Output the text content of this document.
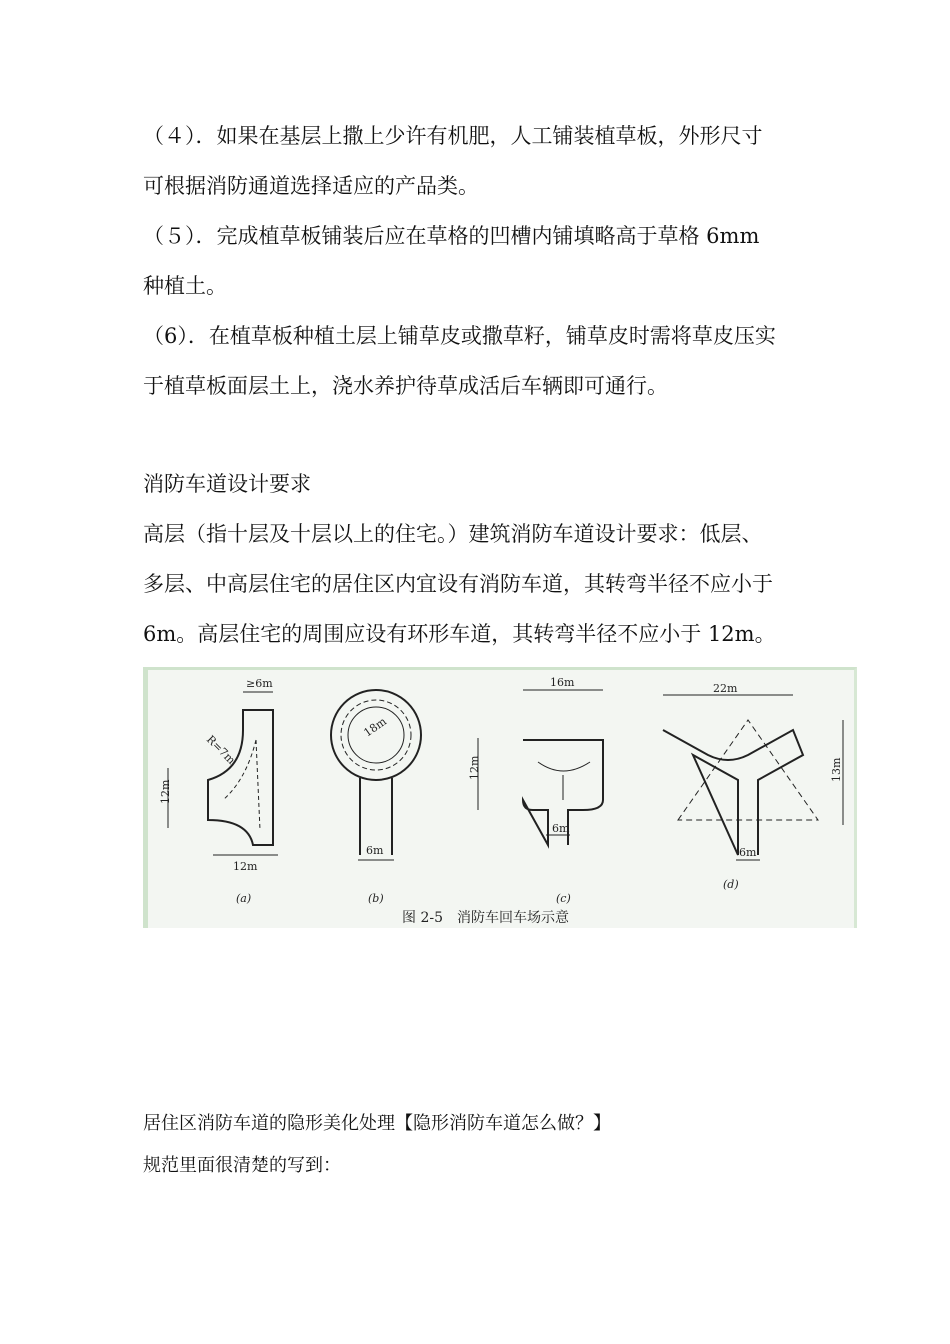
（４）．如果在基层上撒上少许有机肥，人工铺装植草板，外形尺寸
可根据消防通道选择适应的产品类。
（５）．完成植草板铺装后应在草格的凹槽内铺填略高于草格 6mm
种植土。
（6）．在植草板种植土层上铺草皮或撒草籽，铺草皮时需将草皮压实
于植草板面层土上，浇水养护待草成活后车辆即可通行。
消防车道设计要求
高层（指十层及十层以上的住宅。）建筑消防车道设计要求：低层、
多层、中高层住宅的居住区内宜设有消防车道，其转弯半径不应小于
6m。高层住宅的周围应设有环形车道，其转弯半径不应小于 12m。
≥6m
R=7m
12m
12m
(a)
18m
6m
(b)
16m
12m
6m
(c)
22m
13m
6m
(d)
图 2-5　消防车回车场示意
居住区消防车道的隐形美化处理【隐形消防车道怎么做？】
规范里面很清楚的写到：
